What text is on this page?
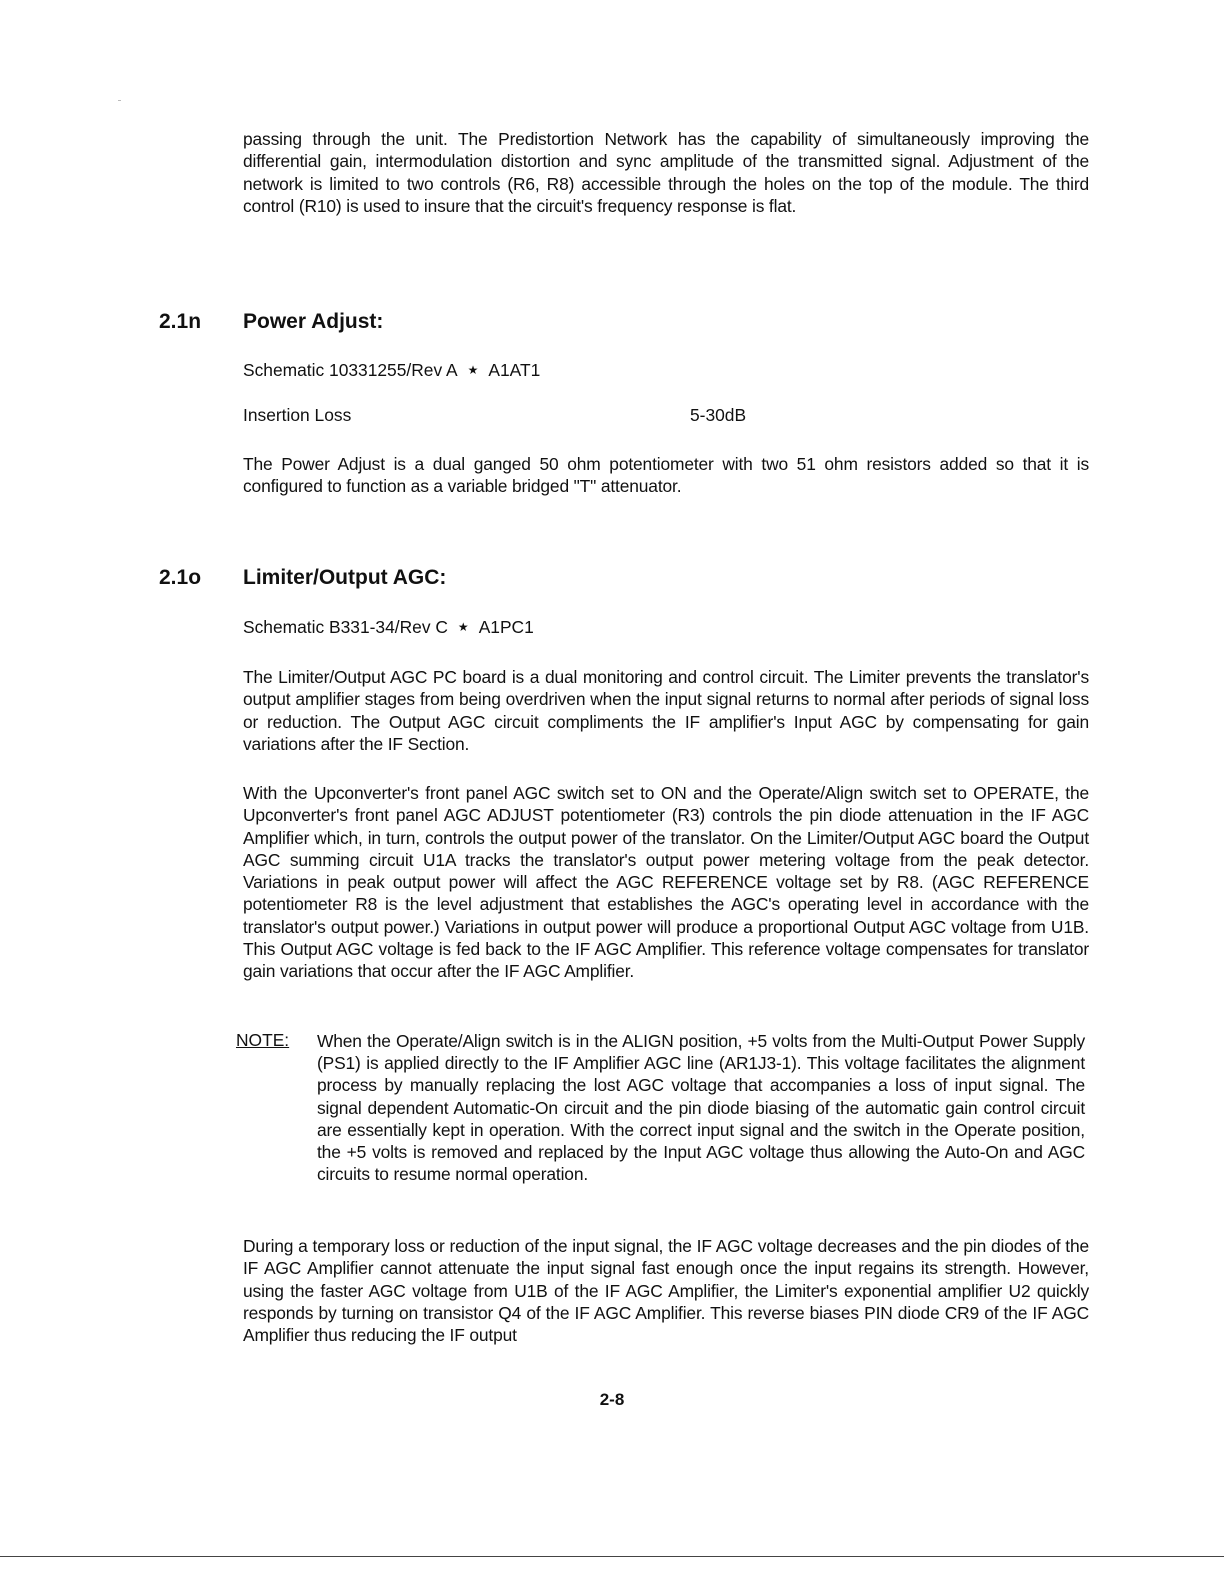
passing through the unit. The Predistortion Network has the capability of simultaneously improving the differential gain, intermodulation distortion and sync amplitude of the transmitted signal. Adjustment of the network is limited to two controls (R6, R8) accessible through the holes on the top of the module. The third control (R10) is used to insure that the circuit's frequency response is flat.

2.1n Power Adjust:

Schematic 10331255/Rev A ★ A1AT1

Insertion Loss	5-30dB

The Power Adjust is a dual ganged 50 ohm potentiometer with two 51 ohm resistors added so that it is configured to function as a variable bridged "T" attenuator.

2.1o Limiter/Output AGC:

Schematic B331-34/Rev C ★ A1PC1

The Limiter/Output AGC PC board is a dual monitoring and control circuit. The Limiter prevents the translator's output amplifier stages from being overdriven when the input signal returns to normal after periods of signal loss or reduction. The Output AGC circuit compliments the IF amplifier's Input AGC by compensating for gain variations after the IF Section.

With the Upconverter's front panel AGC switch set to ON and the Operate/Align switch set to OPERATE, the Upconverter's front panel AGC ADJUST potentiometer (R3) controls the pin diode attenuation in the IF AGC Amplifier which, in turn, controls the output power of the translator. On the Limiter/Output AGC board the Output AGC summing circuit U1A tracks the translator's output power metering voltage from the peak detector. Variations in peak output power will affect the AGC REFERENCE voltage set by R8. (AGC REFERENCE potentiometer R8 is the level adjustment that establishes the AGC's operating level in accordance with the translator's output power.) Variations in output power will produce a proportional Output AGC voltage from U1B. This Output AGC voltage is fed back to the IF AGC Amplifier. This reference voltage compensates for translator gain variations that occur after the IF AGC Amplifier.

NOTE: When the Operate/Align switch is in the ALIGN position, +5 volts from the Multi-Output Power Supply (PS1) is applied directly to the IF Amplifier AGC line (AR1J3-1). This voltage facilitates the alignment process by manually replacing the lost AGC voltage that accompanies a loss of input signal. The signal dependent Automatic-On circuit and the pin diode biasing of the automatic gain control circuit are essentially kept in operation. With the correct input signal and the switch in the Operate position, the +5 volts is removed and replaced by the Input AGC voltage thus allowing the Auto-On and AGC circuits to resume normal operation.

During a temporary loss or reduction of the input signal, the IF AGC voltage decreases and the pin diodes of the IF AGC Amplifier cannot attenuate the input signal fast enough once the input regains its strength. However, using the faster AGC voltage from U1B of the IF AGC Amplifier, the Limiter's exponential amplifier U2 quickly responds by turning on transistor Q4 of the IF AGC Amplifier. This reverse biases PIN diode CR9 of the IF AGC Amplifier thus reducing the IF output

2-8
